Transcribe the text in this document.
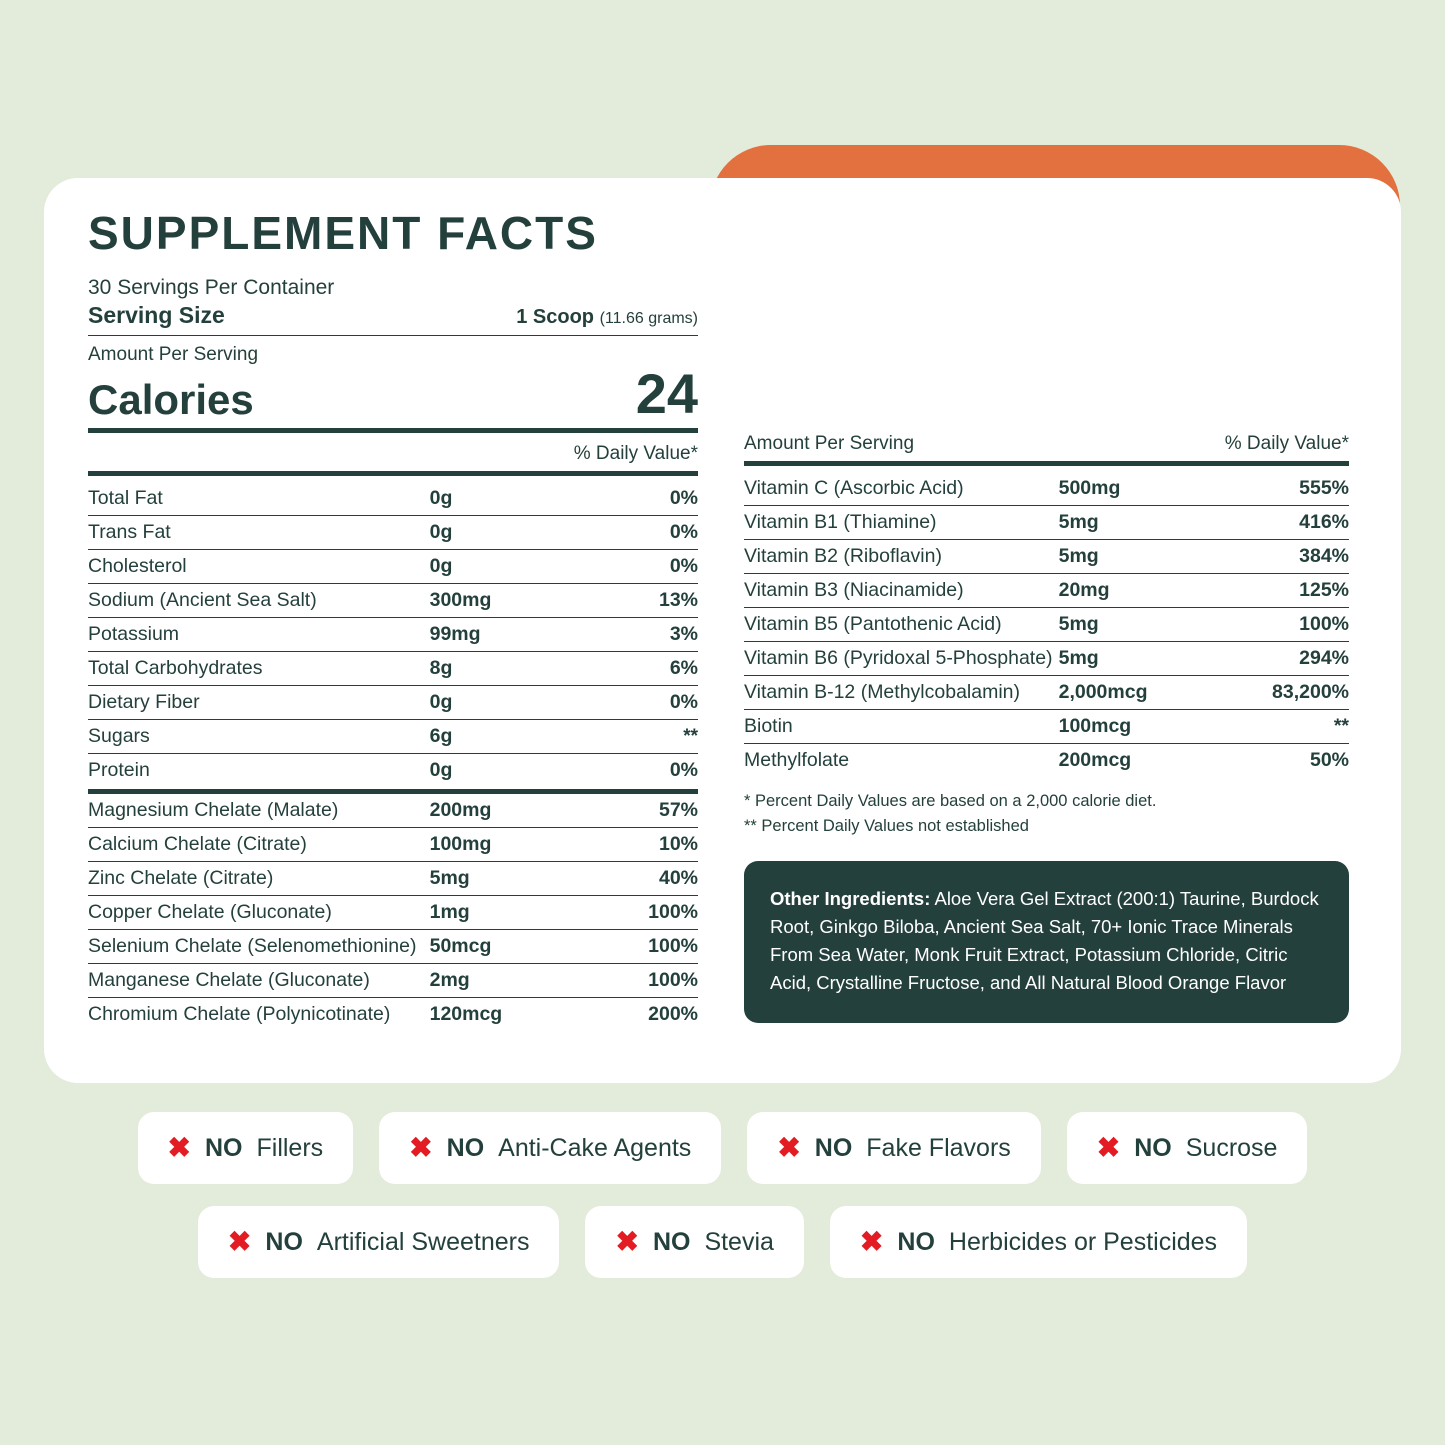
SUPPLEMENT FACTS
30 Servings Per Container
Serving Size	1 Scoop (11.66 grams)
Amount Per Serving
Calories	24
% Daily Value*
Total Fat	0g	0%
Trans Fat	0g	0%
Cholesterol	0g	0%
Sodium (Ancient Sea Salt)	300mg	13%
Potassium	99mg	3%
Total Carbohydrates	8g	6%
Dietary Fiber	0g	0%
Sugars	6g	**
Protein	0g	0%
Magnesium Chelate (Malate)	200mg	57%
Calcium Chelate (Citrate)	100mg	10%
Zinc Chelate (Citrate)	5mg	40%
Copper Chelate (Gluconate)	1mg	100%
Selenium Chelate (Selenomethionine)	50mcg	100%
Manganese Chelate (Gluconate)	2mg	100%
Chromium Chelate (Polynicotinate)	120mcg	200%
Amount Per Serving	% Daily Value*
Vitamin C (Ascorbic Acid)	500mg	555%
Vitamin B1 (Thiamine)	5mg	416%
Vitamin B2 (Riboflavin)	5mg	384%
Vitamin B3 (Niacinamide)	20mg	125%
Vitamin B5 (Pantothenic Acid)	5mg	100%
Vitamin B6 (Pyridoxal 5-Phosphate)	5mg	294%
Vitamin B-12 (Methylcobalamin)	2,000mcg	83,200%
Biotin	100mcg	**
Methylfolate	200mcg	50%
* Percent Daily Values are based on a 2,000 calorie diet.
** Percent Daily Values not established
Other Ingredients: Aloe Vera Gel Extract (200:1) Taurine, Burdock Root, Ginkgo Biloba, Ancient Sea Salt, 70+ Ionic Trace Minerals From Sea Water, Monk Fruit Extract, Potassium Chloride, Citric Acid, Crystalline Fructose, and All Natural Blood Orange Flavor
✖ NO Fillers	✖ NO Anti-Cake Agents	✖ NO Fake Flavors	✖ NO Sucrose
✖ NO Artificial Sweetners	✖ NO Stevia	✖ NO Herbicides or Pesticides
